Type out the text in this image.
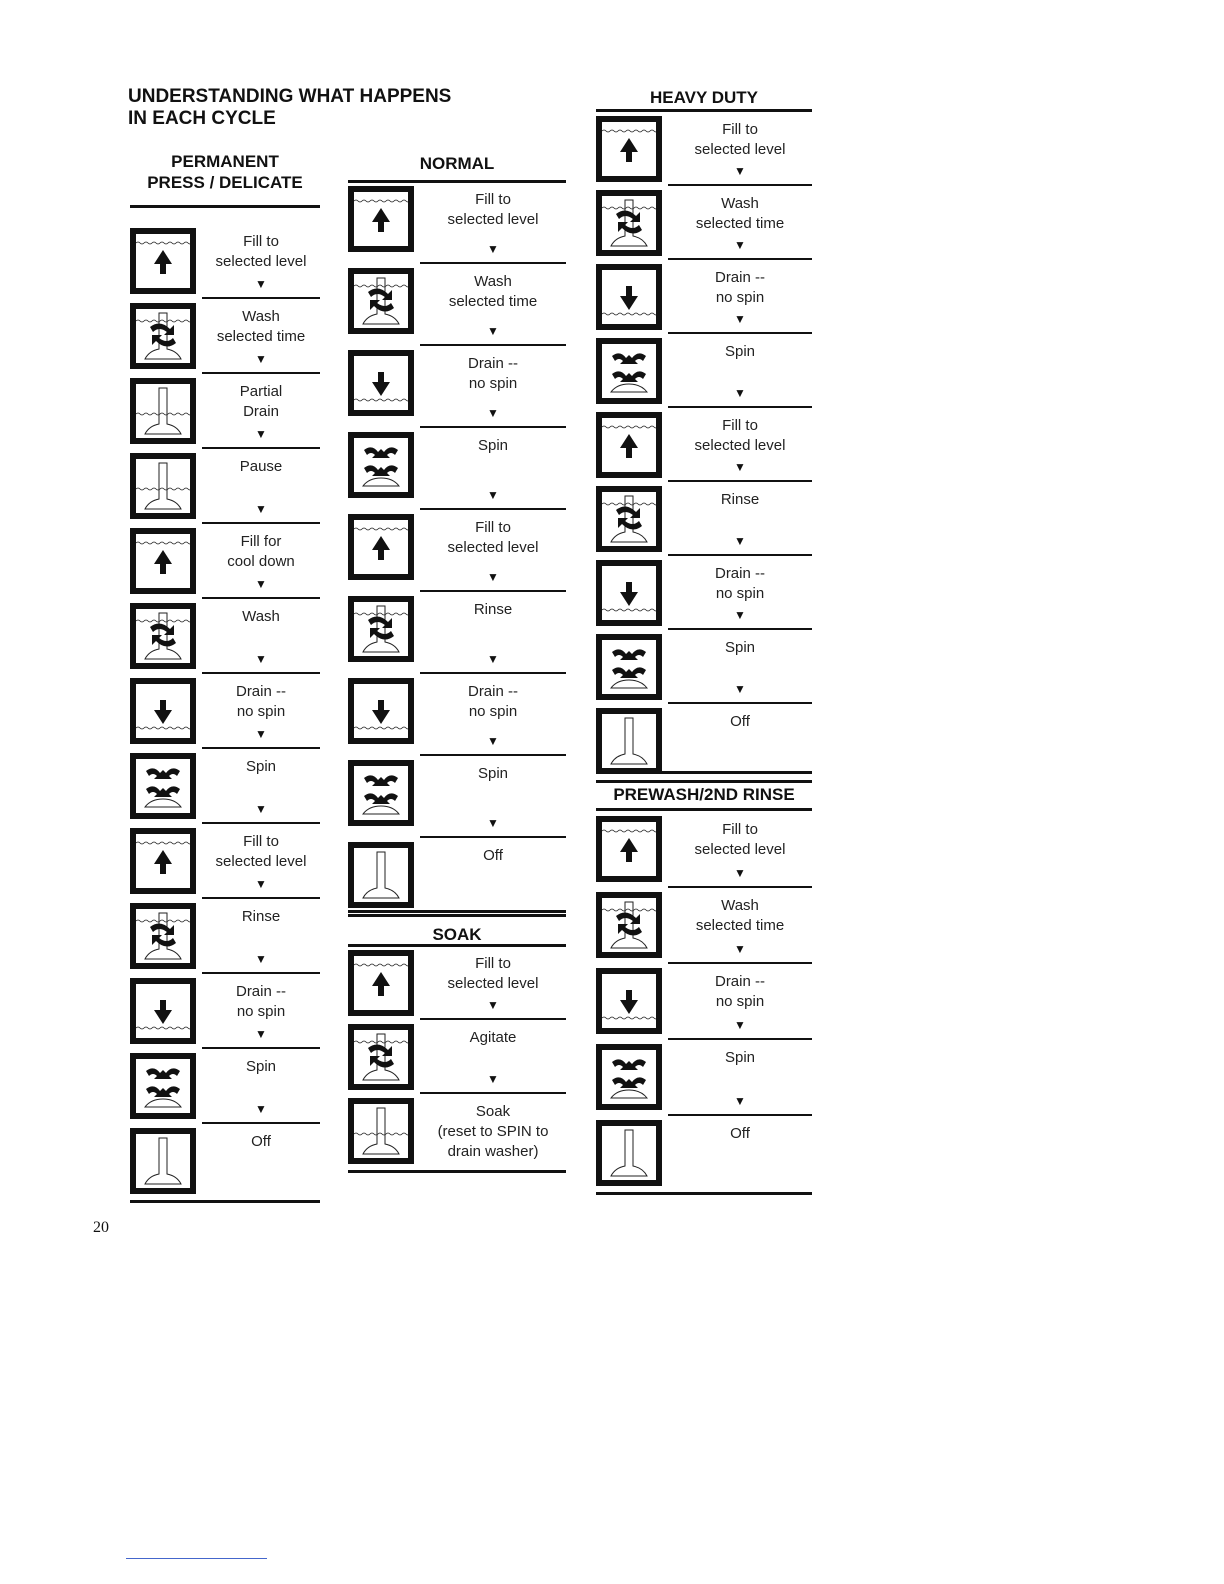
UNDERSTANDING WHAT HAPPENS
IN EACH CYCLE
PERMANENT
PRESS / DELICATE
Fill to
selected level
▼
Wash
selected time
▼
Partial
Drain
▼
Pause
▼
Fill for
cool down
▼
Wash
▼
Drain --
no spin
▼
Spin
▼
Fill to
selected level
▼
Rinse
▼
Drain --
no spin
▼
Spin
▼
Off
NORMAL
Fill to
selected level
▼
Wash
selected time
▼
Drain --
no spin
▼
Spin
▼
Fill to
selected level
▼
Rinse
▼
Drain --
no spin
▼
Spin
▼
Off
SOAK
Fill to
selected level
▼
Agitate
▼
Soak
(reset to SPIN to
drain washer)
HEAVY DUTY
Fill to
selected level
▼
Wash
selected time
▼
Drain --
no spin
▼
Spin
▼
Fill to
selected level
▼
Rinse
▼
Drain --
no spin
▼
Spin
▼
Off
PREWASH/2ND RINSE
Fill to
selected level
▼
Wash
selected time
▼
Drain --
no spin
▼
Spin
▼
Off
20
